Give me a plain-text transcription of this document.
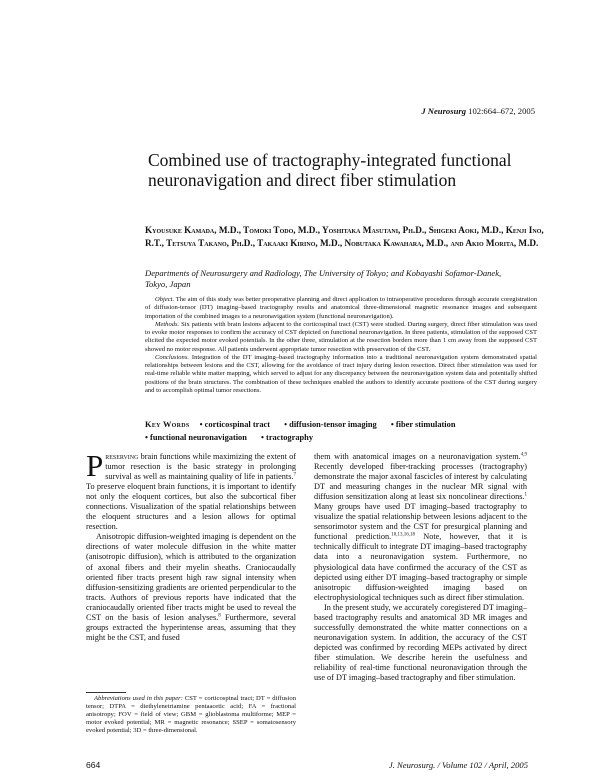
J Neurosurg 102:664–672, 2005
Combined use of tractography-integrated functional neuronavigation and direct fiber stimulation
Kyousuke Kamada, M.D., Tomoki Todo, M.D., Yoshitaka Masutani, Ph.D., Shigeki Aoki, M.D., Kenji Ino, R.T., Tetsuya Takano, Ph.D., Takaaki Kirino, M.D., Nobutaka Kawahara, M.D., and Akio Morita, M.D.
Departments of Neurosurgery and Radiology, The University of Tokyo; and Kobayashi Sofamor-Danek, Tokyo, Japan

Object. The aim of this study was better preoperative planning and direct application to intraoperative procedures through accurate coregistration of diffusion-tensor (DT) imaging–based tractography results and anatomical three-dimensional magnetic resonance images and subsequent importation of the combined images to a neuronavigation system (functional neuronavigation).

Methods. Six patients with brain lesions adjacent to the corticospinal tract (CST) were studied. During surgery, direct fiber stimulation was used to evoke motor responses to confirm the accuracy of CST depicted on functional neuronavigation. In three patients, stimulation of the supposed CST elicited the expected motor evoked potentials. In the other three, stimulation at the resection borders more than 1 cm away from the supposed CST showed no motor response. All patients underwent appropriate tumor resection with preservation of the CST.

Conclusions. Integration of the DT imaging–based tractography information into a traditional neuronavigation system demonstrated spatial relationships between lesions and the CST, allowing for the avoidance of tract injury during lesion resection. Direct fiber stimulation was used for real-time reliable white matter mapping, which served to adjust for any discrepancy between the neuronavigation system data and potentially shifted positions of the brain structures. The combination of these techniques enabled the authors to identify accurate positions of the CST during surgery and to accomplish optimal tumor resections.

Key Words • corticospinal tract • diffusion-tensor imaging • fiber stimulation • functional neuronavigation • tractography

Preserving brain functions while maximizing the extent of tumor resection is the basic strategy in prolonging survival as well as maintaining quality of life in patients.$^7$ To preserve eloquent brain functions, it is important to identify not only the eloquent cortices, but also the subcortical fiber connections. Visualization of the spatial relationships between the eloquent structures and a lesion allows for optimal resection.

Anisotropic diffusion-weighted imaging is dependent on the directions of water molecule diffusion in the white matter (anisotropic diffusion), which is attributed to the organization of axonal fibers and their myelin sheaths. Craniocaudally oriented fiber tracts present high raw signal intensity when diffusion-sensitizing gradients are oriented perpendicular to the tracts. Authors of previous reports have indicated that the craniocaudally oriented fiber tracts might be used to reveal the CST on the basis of lesion analyses.$^8$ Furthermore, several groups extracted the hyperintense areas, assuming that they might be the CST, and fused

Abbreviations used in this paper: CST = corticospinal tract; DT = diffusion tensor; DTPA = diethylenetriamine pentaacetic acid; FA = fractional anisotropy; FOV = field of view; GBM = glioblastoma multiforme; MEP = motor evoked potential; MR = magnetic resonance; SSEP = somatosensory evoked potential; 3D = three-dimensional.

them with anatomical images on a neuronavigation system.$^{4,9}$ Recently developed fiber-tracking processes (tractography) demonstrate the major axonal fascicles of interest by calculating DT and measuring changes in the nuclear MR signal with diffusion sensitization along at least six noncolinear directions.$^1$ Many groups have used DT imaging–based tractography to visualize the spatial relationship between lesions adjacent to the sensorimotor system and the CST for presurgical planning and functional prediction.$^{10,13,16,18}$ Note, however, that it is technically difficult to integrate DT imaging–based tractography data into a neuronavigation system. Furthermore, no physiological data have confirmed the accuracy of the CST as depicted using either DT imaging–based tractography or simple anisotropic diffusion-weighted imaging based on electrophysiological techniques such as direct fiber stimulation.

In the present study, we accurately coregistered DT imaging–based tractography results and anatomical 3D MR images and successfully demonstrated the white matter connections on a neuronavigation system. In addition, the accuracy of the CST depicted was confirmed by recording MEPs activated by direct fiber stimulation. We describe herein the usefulness and reliability of real-time functional neuronavigation through the use of DT imaging–based tractography and fiber stimulation.

664	J. Neurosurg. / Volume 102 / April, 2005
